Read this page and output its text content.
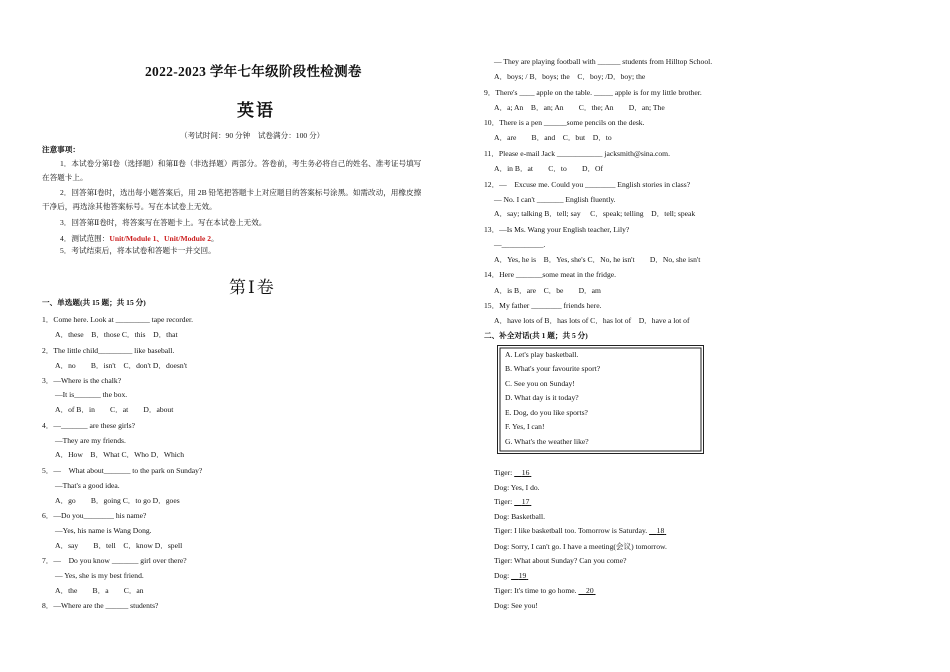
2022-2023 学年七年级阶段性检测卷
英语
（考试时间：90 分钟　试卷满分：100 分）
注意事项：
1．本试卷分第Ⅰ卷（选择题）和第Ⅱ卷（非选择题）两部分。答卷前，考生务必将自己的姓名、准考证号填写
在答题卡上。
2．回答第Ⅰ卷时，选出每小题答案后，用 2B 铅笔把答题卡上对应题目的答案标号涂黑。如需改动，用橡皮擦
干净后，再选涂其他答案标号。写在本试卷上无效。
3．回答第Ⅱ卷时，将答案写在答题卡上。写在本试卷上无效。
4．测试范围：Unit/Module 1、Unit/Module 2。
5．考试结束后，将本试卷和答题卡一并交回。
第Ⅰ卷
一、单选题(共 15 题；共 15 分)
1．Come here. Look at _________ tape recorder.
A．these　B．those C．this　D．that
2．The little child_________ like baseball.
A．no　　B．isn't　C．don't D．doesn't
3．—Where is the chalk?
—It is_______ the box.
A．of B．in　　C．at　　D．about
4．—_______ are these girls?
—They are my friends.
A．How　B．What C．Who D．Which
5．—　What about_______ to the park on Sunday?
—That's a good idea.
A．go　　B．going C．to go D．goes
6．—Do you________ his name?
—Yes, his name is Wang Dong.
A．say　　B．tell　C．know D．spell
7．—　Do you know _______ girl over there?
— Yes, she is my best friend.
A．the　　B．a　　C．an
8．—Where are the ______ students?
— They are playing football with ______ students from Hilltop School.
A．boys; / B．boys; the　C．boy; /D．boy; the
9．There's ____ apple on the table. _____ apple is for my little brother.
A．a; An　B．an; An　　C．the; An　　D．an; The
10．There is a pen ______some pencils on the desk.
A．are　　B．and　C．but　D．to
11．Please e-mail Jack ____________ jacksmith@sina.com.
A．in B．at　　C．to　　D．Of
12．—　Excuse me. Could you ________ English stories in class?
— No. I can't _______ English fluently.
A．say; talking B．tell; say　 C．speak; telling　D．tell; speak
13．—Is Ms. Wang your English teacher, Lily?
—___________.
A．Yes, he is　B．Yes, she's C．No, he isn't　　D．No, she isn't
14．Here _______some meat in the fridge.
A．is B．are　C．be　　D．am
15．My father ________ friends here.
A．have lots of B．has lots of C．has lot of　D．have a lot of
二、补全对话(共 1 题；共 5 分)
A. Let's play basketball.
B. What's your favourite sport?
C. See you on Sunday!
D. What day is it today?
E. Dog, do you like sports?
F. Yes, I can!
G. What's the weather like?
Tiger: 16
Dog: Yes, I do.
Tiger: 17
Dog: Basketball.
Tiger: I like basketball too. Tomorrow is Saturday. 18
Dog: Sorry, I can't go. I have a meeting(会议) tomorrow.
Tiger: What about Sunday? Can you come?
Dog: 19
Tiger: It's time to go home. 20
Dog: See you!
